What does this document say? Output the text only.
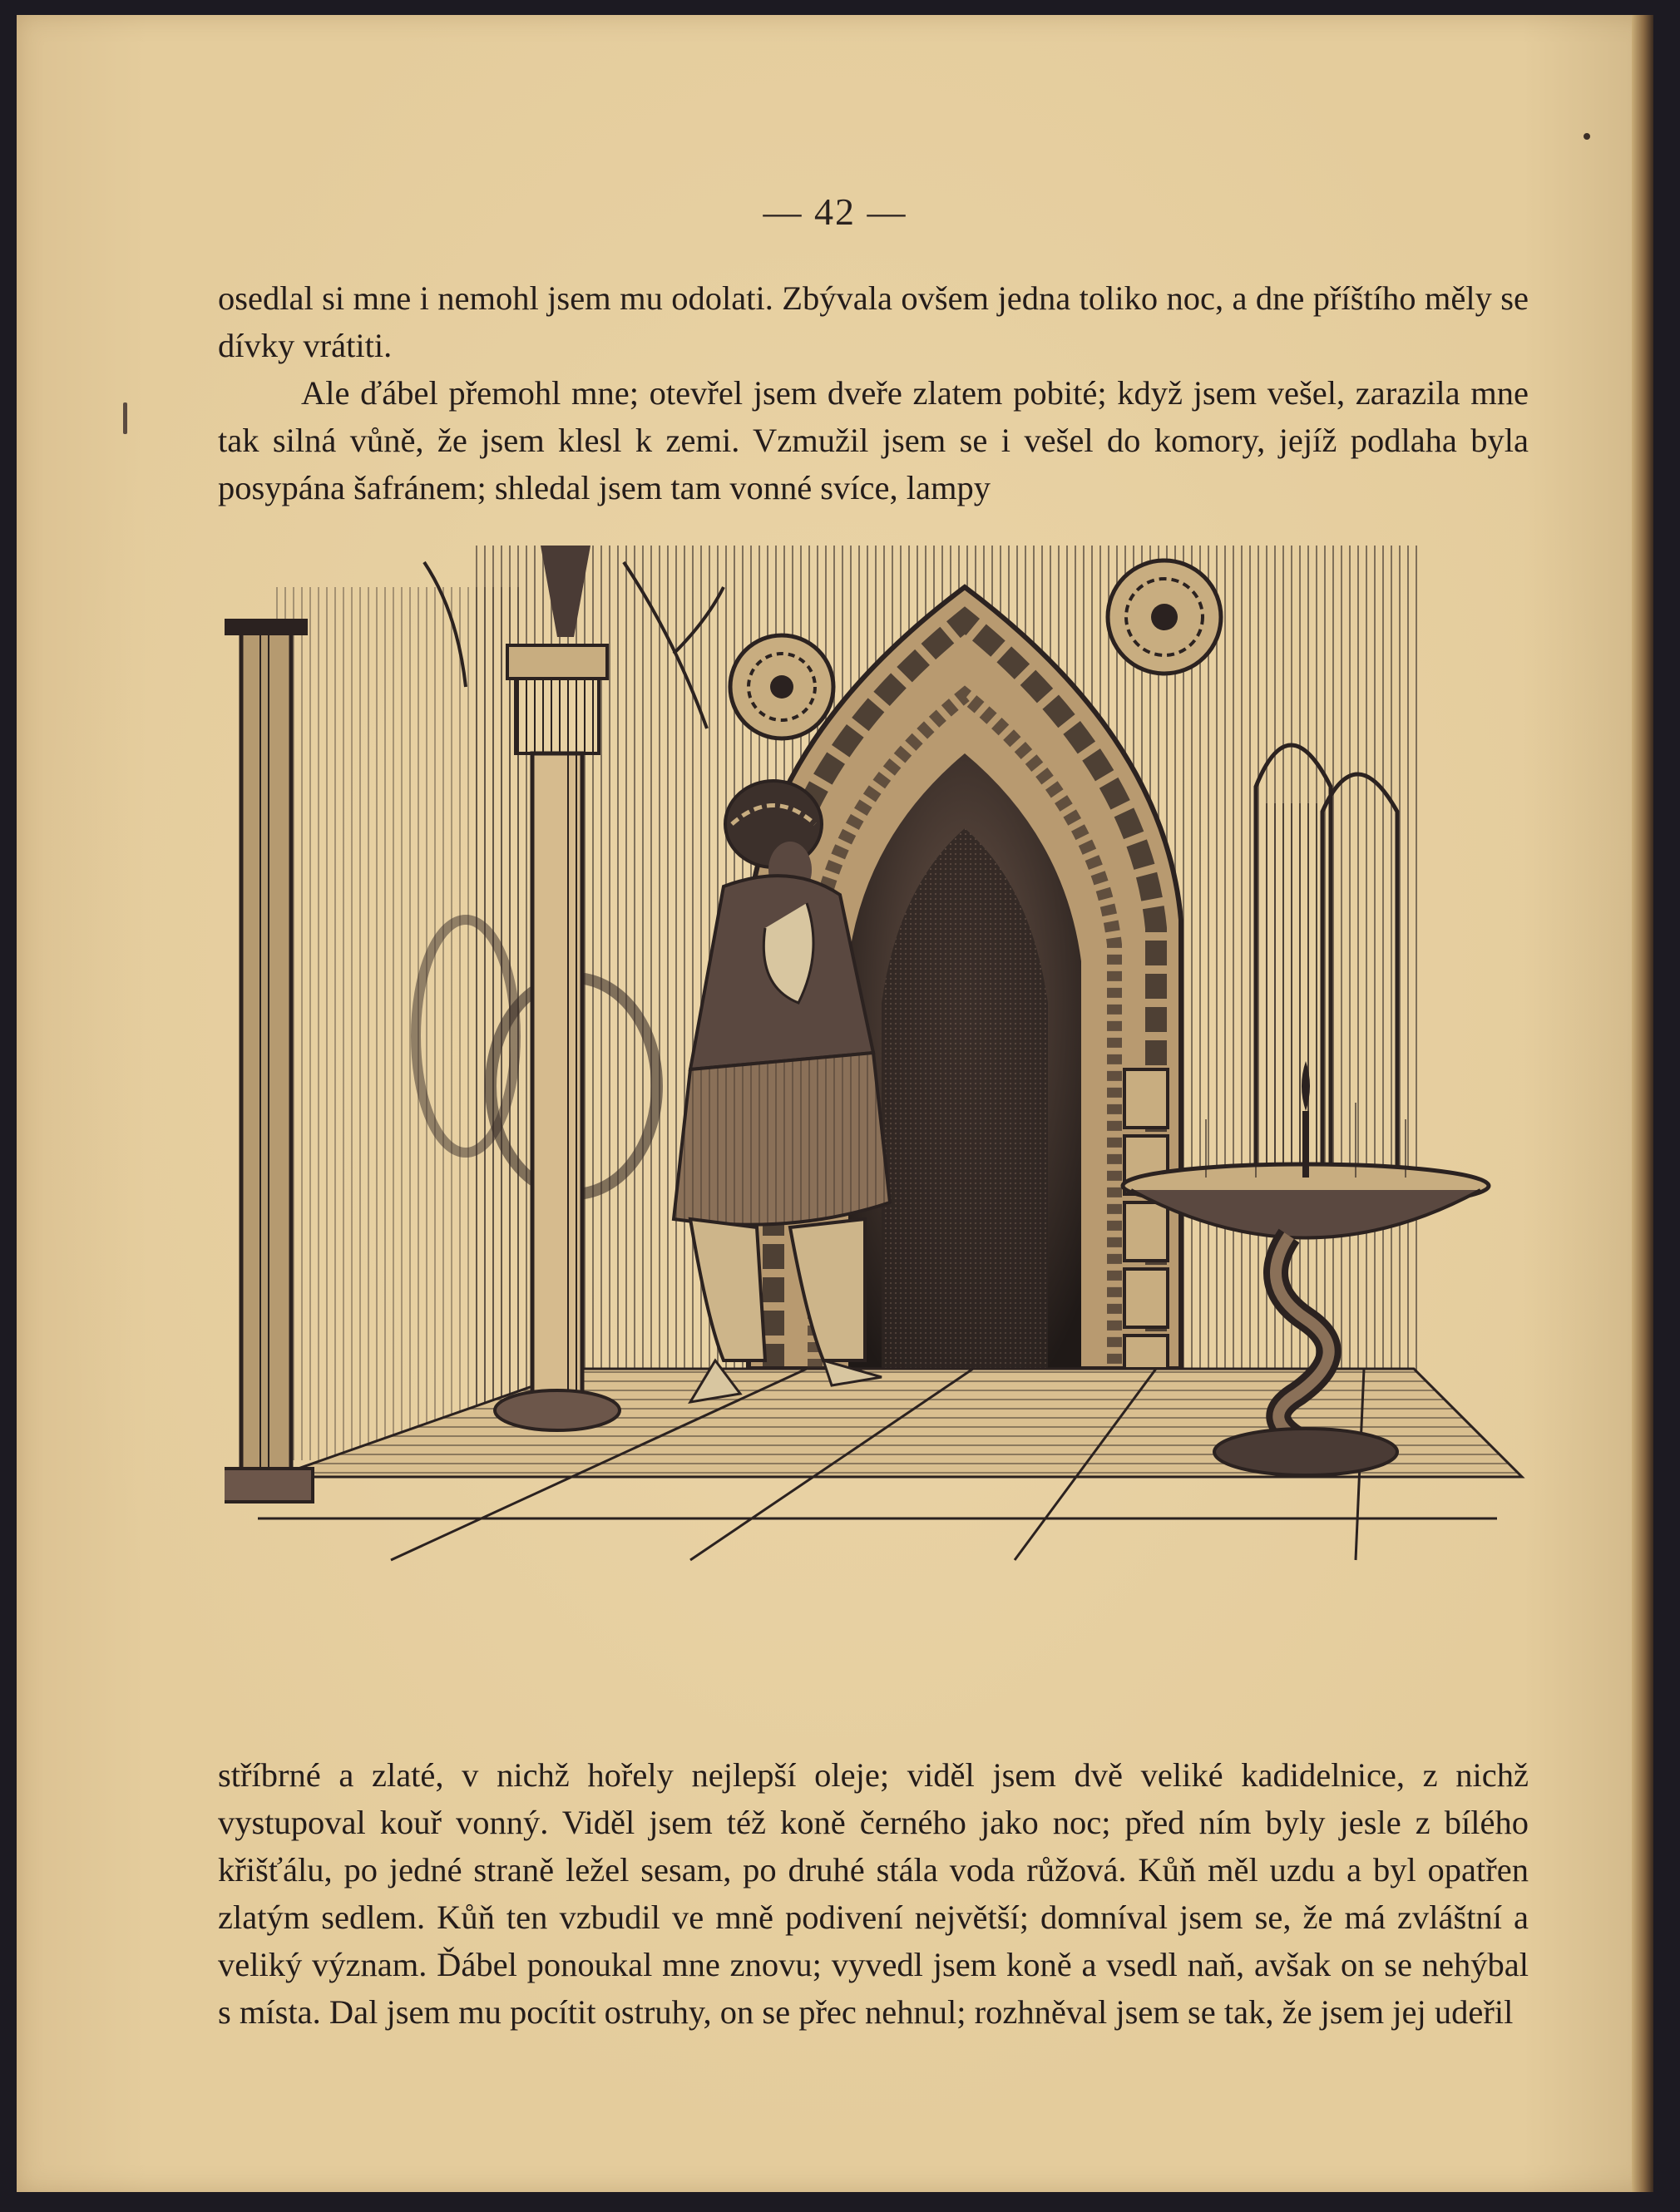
— 42 —

osedlal si mne i nemohl jsem mu odolati. Zbývala ovšem jedna toliko noc, a dne příštího měly se dívky vrátiti.

Ale ďábel přemohl mne; otevřel jsem dveře zlatem pobité; když jsem vešel, zarazila mne tak silná vůně, že jsem klesl k zemi. Vzmužil jsem se i vešel do komory, jejíž podlaha byla posypána šafránem; shledal jsem tam vonné svíce, lampy

stříbrné a zlaté, v nichž hořely nejlepší oleje; viděl jsem dvě veliké kadidelnice, z nichž vystupoval kouř vonný. Viděl jsem též koně černého jako noc; před ním byly jesle z bílého křišťálu, po jedné straně ležel sesam, po druhé stála voda růžová. Kůň měl uzdu a byl opatřen zlatým sedlem. Kůň ten vzbudil ve mně podivení největší; domníval jsem se, že má zvláštní a veliký význam. Ďábel ponoukal mne znovu; vyvedl jsem koně a vsedl naň, avšak on se nehýbal s místa. Dal jsem mu pocítit ostruhy, on se přec nehnul; rozhněval jsem se tak, že jsem jej udeřil
